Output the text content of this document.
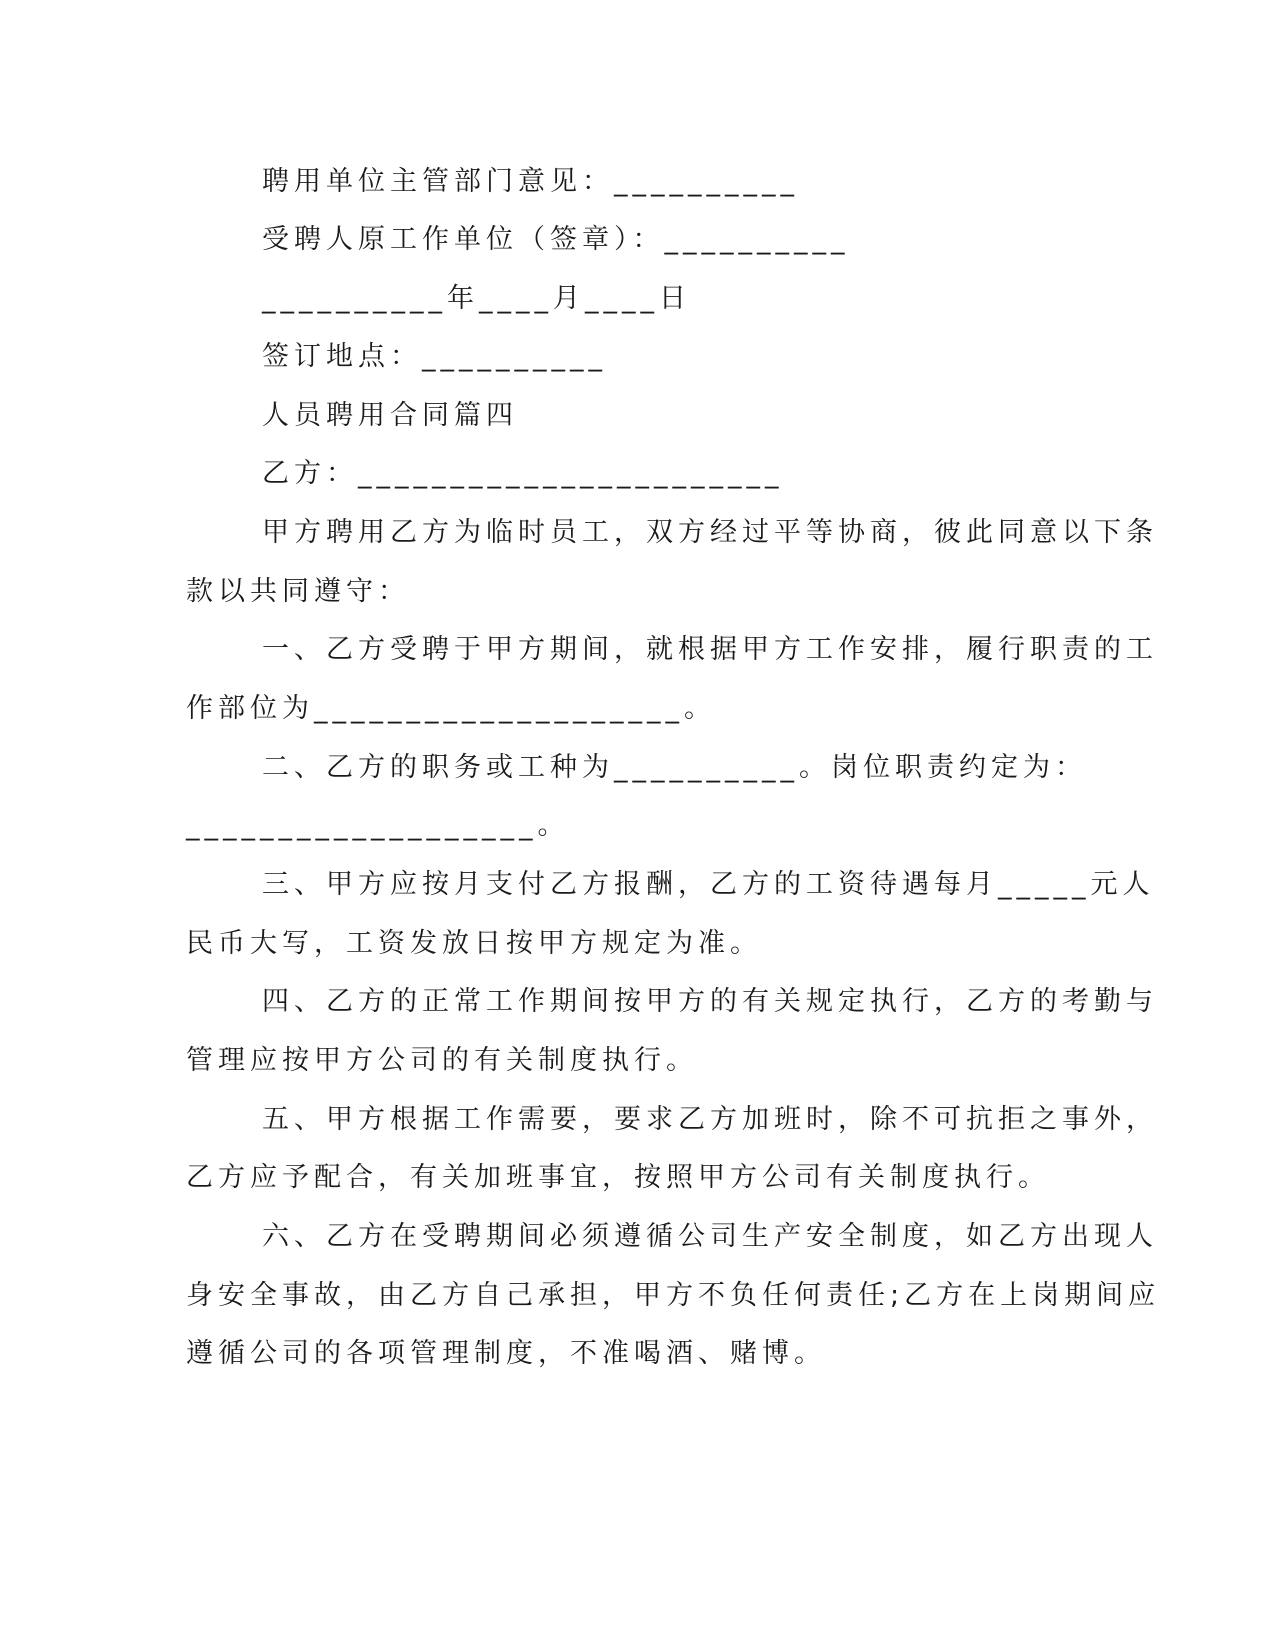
聘用单位主管部门意见：__________
受聘人原工作单位（签章）：__________
__________年____月____日
签订地点：__________
人员聘用合同篇四
乙方：_______________________
甲方聘用乙方为临时员工，双方经过平等协商，彼此同意以下条
款以共同遵守：
一、乙方受聘于甲方期间，就根据甲方工作安排，履行职责的工
作部位为____________________。
二、乙方的职务或工种为__________。岗位职责约定为：
___________________。
三、甲方应按月支付乙方报酬，乙方的工资待遇每月_____元人
民币大写，工资发放日按甲方规定为准。
四、乙方的正常工作期间按甲方的有关规定执行，乙方的考勤与
管理应按甲方公司的有关制度执行。
五、甲方根据工作需要，要求乙方加班时，除不可抗拒之事外，
乙方应予配合，有关加班事宜，按照甲方公司有关制度执行。
六、乙方在受聘期间必须遵循公司生产安全制度，如乙方出现人
身安全事故，由乙方自己承担，甲方不负任何责任;乙方在上岗期间应
遵循公司的各项管理制度，不准喝酒、赌博。
